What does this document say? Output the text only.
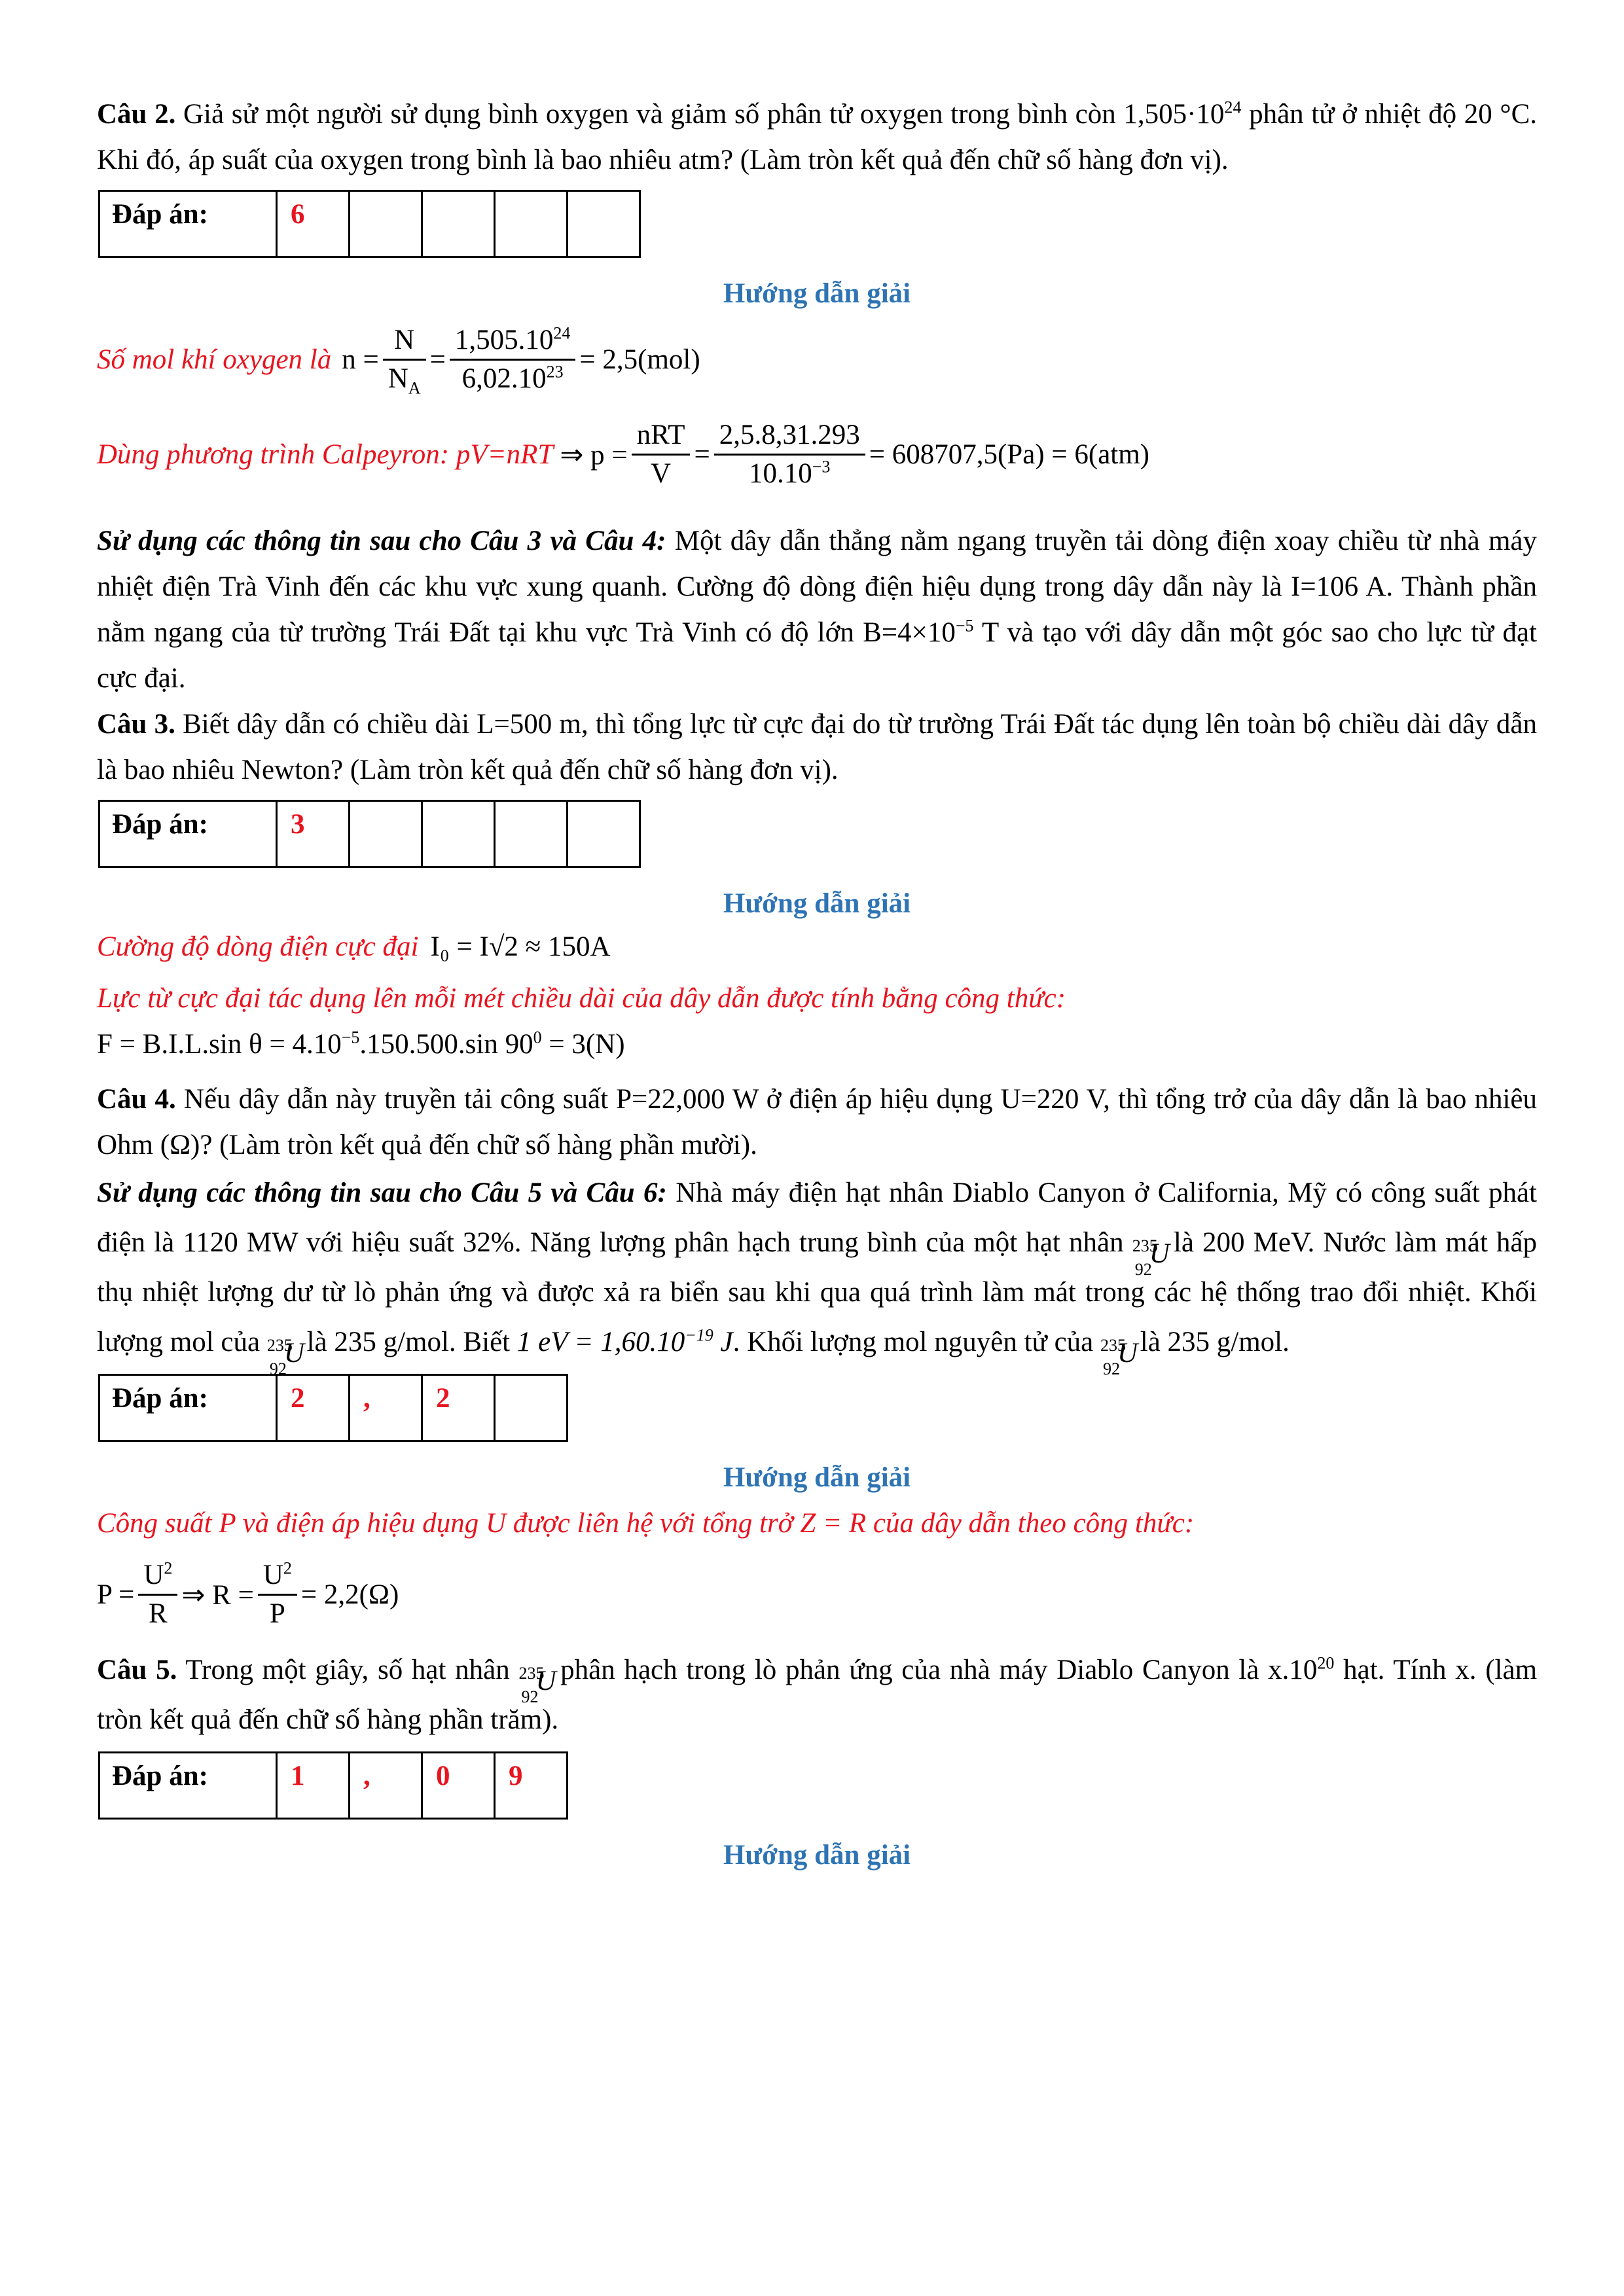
Câu 2. Giả sử một người sử dụng bình oxygen và giảm số phân tử oxygen trong bình còn $1,505\cdot 10^{24}$ phân tử ở nhiệt độ 20 °C. Khi đó, áp suất của oxygen trong bình là bao nhiêu atm? (Làm tròn kết quả đến chữ số hàng đơn vị).

Đáp án:	6				

Hướng dẫn giải

Số mol khí oxygen là $n = \frac{N}{N_A} = \frac{1,505.10^{24}}{6,02.10^{23}} = 2,5(mol)$
Dùng phương trình Calpeyron: pV=nRT ⇒ $p = \frac{\text{nRT}}{V} = \frac{2,5.8,31.293}{10.10^{-3}} = 608707,5(Pa) = 6(atm)$

Sử dụng các thông tin sau cho Câu 3 và Câu 4: Một dây dẫn thẳng nằm ngang truyền tải dòng điện xoay chiều từ nhà máy nhiệt điện Trà Vinh đến các khu vực xung quanh. Cường độ dòng điện hiệu dụng trong dây dẫn này là I=106 A. Thành phần nằm ngang của từ trường Trái Đất tại khu vực Trà Vinh có độ lớn $B=4\times 10^{-5}$ T và tạo với dây dẫn một góc sao cho lực từ đạt cực đại.

Câu 3. Biết dây dẫn có chiều dài L=500 m, thì tổng lực từ cực đại do từ trường Trái Đất tác dụng lên toàn bộ chiều dài dây dẫn là bao nhiêu Newton? (Làm tròn kết quả đến chữ số hàng đơn vị).

Đáp án:	3				

Hướng dẫn giải

Cường độ dòng điện cực đại I₀ = I√2 ≈ 150A

Lực từ cực đại tác dụng lên mỗi mét chiều dài của dây dẫn được tính bằng công thức:

F = B.I.L.sin $\theta = 4.10^{-5}.150.500.\sin$ $90^0 = 3(N)$

Câu 4. Nếu dây dẫn này truyền tải công suất P=22,000 W ở điện áp hiệu dụng U=220 V, thì tổng trở của dây dẫn là bao nhiêu Ohm (Ω)? (Làm tròn kết quả đến chữ số hàng phần mười).

Sử dụng các thông tin sau cho Câu 5 và Câu 6: Nhà máy điện hạt nhân Diablo Canyon ở California, Mỹ có công suất phát điện là 1120 MW với hiệu suất 32%. Năng lượng phân hạch trung bình của một hạt nhân 235
92
U là 200 MeV. Nước làm mát hấp thụ nhiệt lượng dư từ lò phản ứng và được xả ra biển sau khi qua quá trình làm mát trong các hệ thống trao đổi nhiệt. Khối lượng mol của 235
92
U là 235 g/mol. Biết 1 eV = $1,60.10^{-19}$ J. Khối lượng mol nguyên tử của 235
92
U là 235 g/mol.

Đáp án:	2	,	2	

Hướng dẫn giải

Công suất P và điện áp hiệu dụng U được liên hệ với tổng trở Z = R của dây dẫn theo công thức:

$P = \frac{U^2}{R}$ ⇒ $R = \frac{U^2}{P} = 2,2(\Omega)$

Câu 5. Trong một giây, số hạt nhân 235
92
U phân hạch trong lò phản ứng của nhà máy Diablo Canyon là $x.10^{20}$ hạt. Tính x. (làm tròn kết quả đến chữ số hàng phần trăm).

Đáp án:	1	,	0	9

Hướng dẫn giải
